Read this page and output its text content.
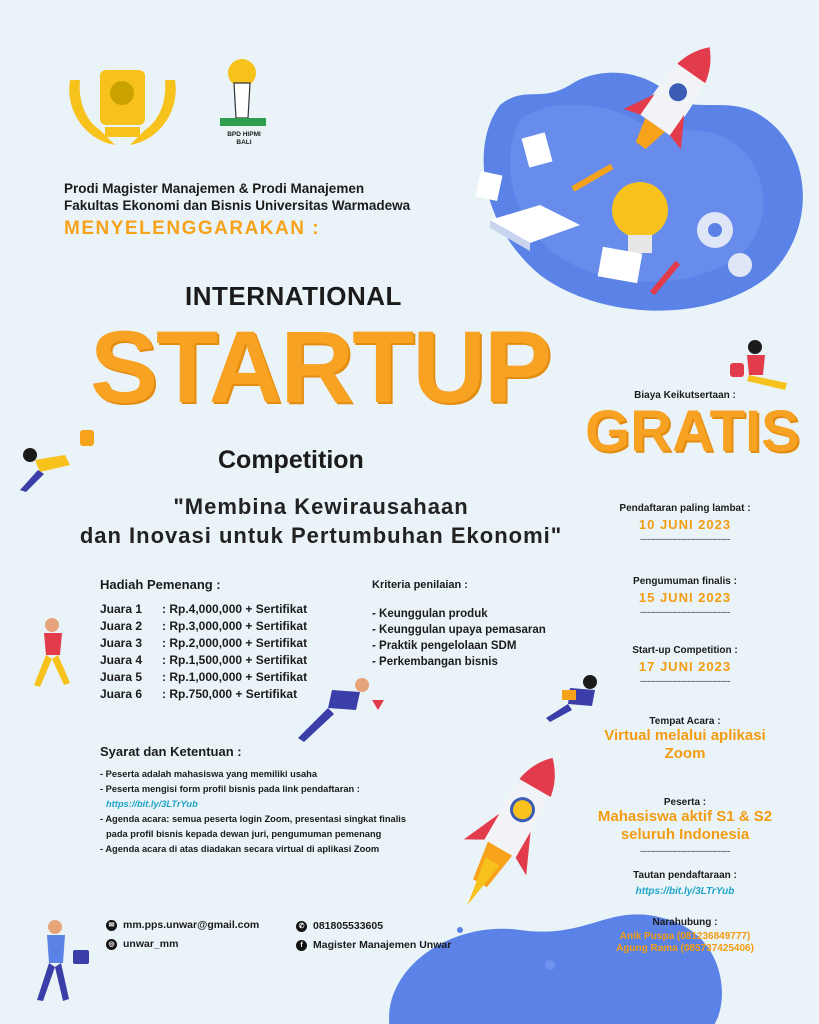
BPD HIPMI
BALI
Prodi Magister Manajemen & Prodi Manajemen
Fakultas Ekonomi dan Bisnis Universitas Warmadewa
MENYELENGGARAKAN :
INTERNATIONAL
STARTUP
Competition
"Membina Kewirausahaan
dan Inovasi untuk Pertumbuhan Ekonomi"
Biaya Keikutsertaan :
GRATIS
Pendaftaran paling lambat :
10 JUNI 2023
------------------------------------
Pengumuman finalis :
15 JUNI 2023
------------------------------------
Start-up Competition :
17 JUNI 2023
------------------------------------
Tempat Acara :
Virtual melalui aplikasi Zoom
Peserta :
Mahasiswa aktif S1 & S2
seluruh Indonesia
------------------------------------
Tautan pendaftaraan :
https://bit.ly/3LTrYub
Narahubung :
Anik Puspa (081236849777)
Agung Rama (085737425406)
Hadiah Pemenang :
Juara 1	: Rp.4,000,000 + Sertifikat
Juara 2	: Rp.3,000,000 + Sertifikat
Juara 3	: Rp.2,000,000 + Sertifikat
Juara 4	: Rp.1,500,000 + Sertifikat
Juara 5	: Rp.1,000,000 + Sertifikat
Juara 6	: Rp.750,000 + Sertifikat
Kriteria penilaian :
- Keunggulan produk
- Keunggulan upaya pemasaran
- Praktik pengelolaan SDM
- Perkembangan bisnis
Syarat dan Ketentuan :
- Peserta adalah mahasiswa yang memiliki usaha
- Peserta mengisi form profil bisnis pada link pendaftaran :
https://bit.ly/3LTrYub
- Agenda acara: semua peserta login Zoom, presentasi singkat finalis
pada profil bisnis kepada dewan juri, pengumuman pemenang
- Agenda acara di atas diadakan secara virtual di aplikasi Zoom
✉ mm.pps.unwar@gmail.com
◎ unwar_mm
✆ 081805533605
f Magister Manajemen Unwar
